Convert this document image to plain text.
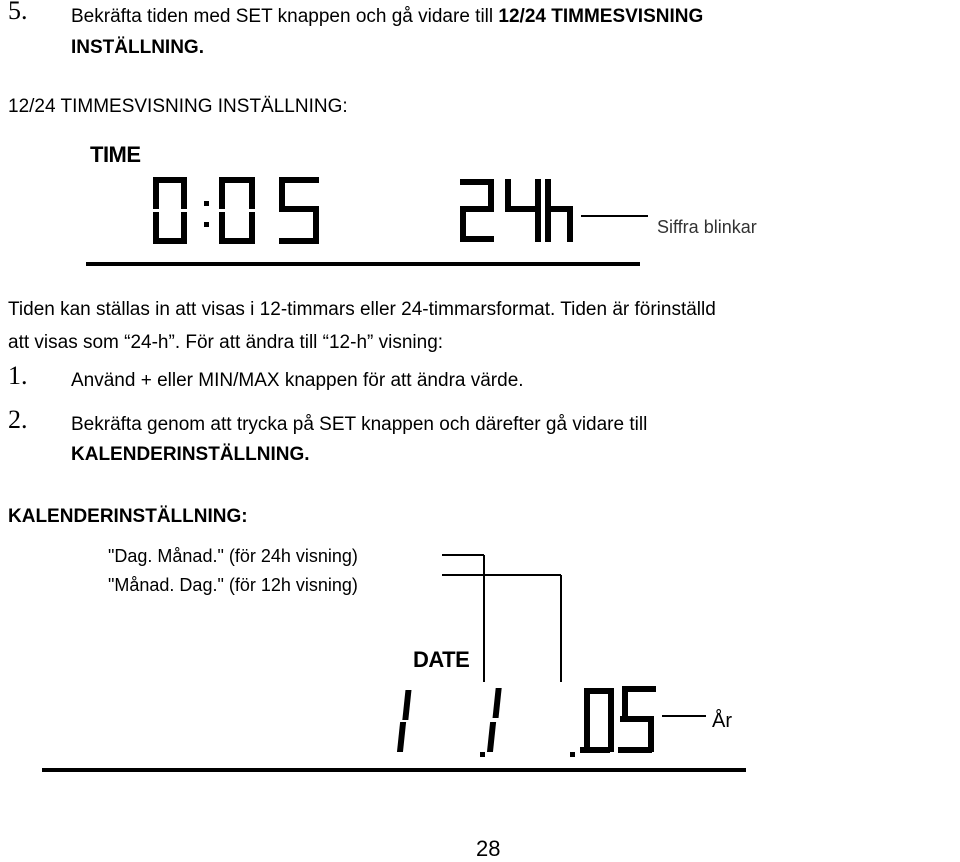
5. Bekräfta tiden med SET knappen och gå vidare till 12/24 TIMMESVISNING
INSTÄLLNING.
12/24 TIMMESVISNING INSTÄLLNING:
TIME
Siffra blinkar
Tiden kan ställas in att visas i 12-timmars eller 24-timmarsformat. Tiden är förinställd
att visas som “24-h”. För att ändra till “12-h” visning:
1. Använd + eller MIN/MAX knappen för att ändra värde.
2. Bekräfta genom att trycka på SET knappen och därefter gå vidare till
KALENDERINSTÄLLNING.
KALENDERINSTÄLLNING:
"Dag. Månad." (för 24h visning)
"Månad. Dag." (för 12h visning)
DATE
År
28
